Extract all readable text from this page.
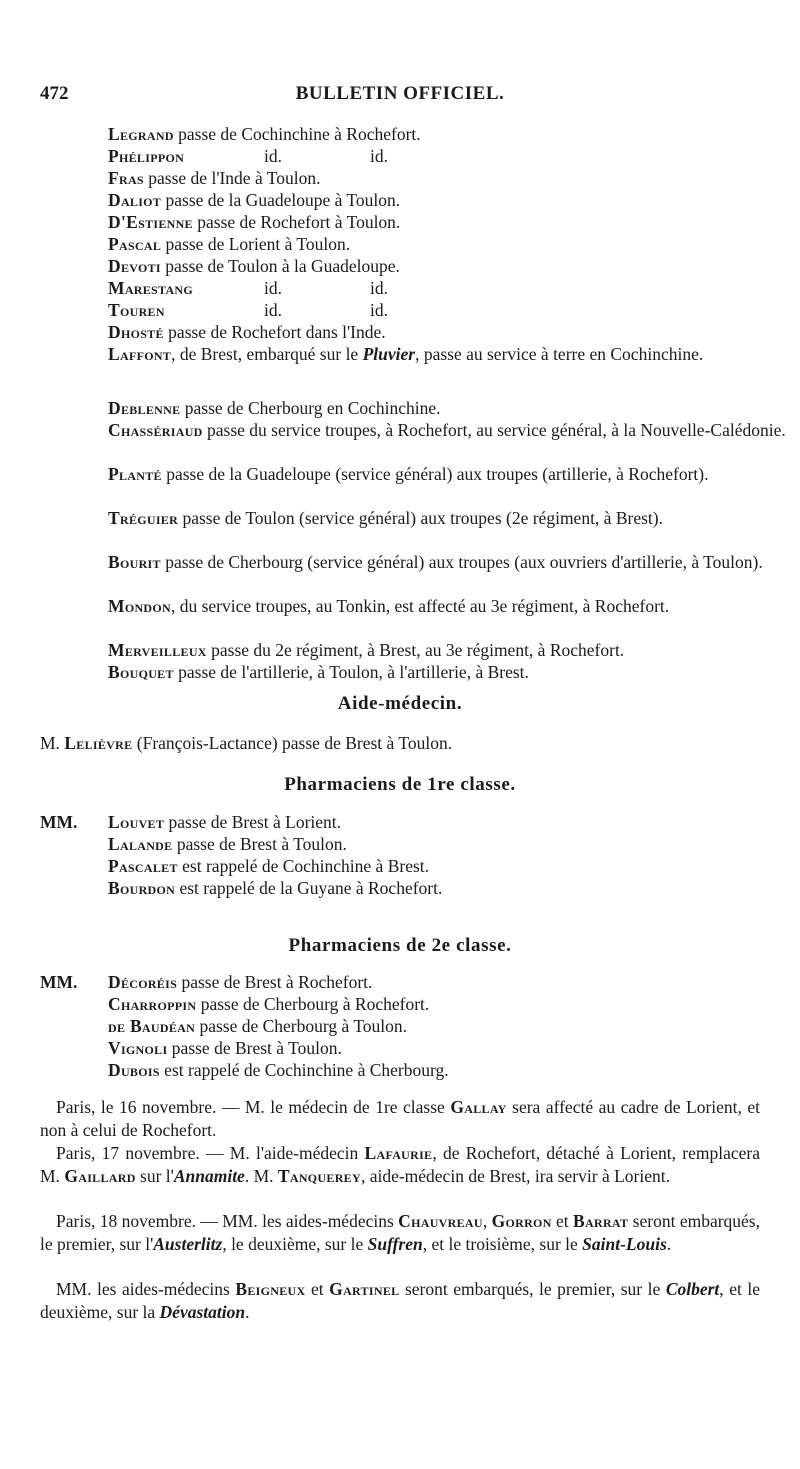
472	BULLETIN OFFICIEL.

Legrand passe de Cochinchine à Rochefort.

Phélippon	id.	id.

Fras passe de l'Inde à Toulon.

Daliot passe de la Guadeloupe à Toulon.

D'Estienne passe de Rochefort à Toulon.

Pascal passe de Lorient à Toulon.

Devoti passe de Toulon à la Guadeloupe.

Marestang	id.	id.

Touren	id.	id.

Dhosté passe de Rochefort dans l'Inde.

Laffont, de Brest, embarqué sur le Pluvier, passe au service à terre en Cochinchine.

Deblenne passe de Cherbourg en Cochinchine.

Chassériaud passe du service troupes, à Rochefort, au service général, à la Nouvelle-Calédonie.

Planté passe de la Guadeloupe (service général) aux troupes (artillerie, à Rochefort).

Tréguier passe de Toulon (service général) aux troupes (2e régiment, à Brest).

Bourit passe de Cherbourg (service général) aux troupes (aux ouvriers d'artillerie, à Toulon).

Mondon, du service troupes, au Tonkin, est affecté au 3e régiment, à Rochefort.

Merveilleux passe du 2e régiment, à Brest, au 3e régiment, à Rochefort.

Bouquet passe de l'artillerie, à Toulon, à l'artillerie, à Brest.

Aide-médecin.

M. Lelièvre (François-Lactance) passe de Brest à Toulon.

Pharmaciens de 1re classe.

MM. Louvet passe de Brest à Lorient.

Lalande passe de Brest à Toulon.

Pascalet est rappelé de Cochinchine à Brest.

Bourdon est rappelé de la Guyane à Rochefort.

Pharmaciens de 2e classe.

MM. Décoréis passe de Brest à Rochefort.

Charroppin passe de Cherbourg à Rochefort.

de Baudéan passe de Cherbourg à Toulon.

Vignoli passe de Brest à Toulon.

Dubois est rappelé de Cochinchine à Cherbourg.

Paris, le 16 novembre. — M. le médecin de 1re classe Gallay sera affecté au cadre de Lorient, et non à celui de Rochefort.

Paris, 17 novembre. — M. l'aide-médecin Lafaurie, de Rochefort, détaché à Lorient, remplacera M. Gaillard sur l'Annamite. M. Tanquerey, aide-médecin de Brest, ira servir à Lorient.

Paris, 18 novembre. — MM. les aides-médecins Chauvreau, Gorron et Barrat seront embarqués, le premier, sur l'Austerlitz, le deuxième, sur le Suffren, et le troisième, sur le Saint-Louis.

MM. les aides-médecins Beigneux et Gartinel seront embarqués, le premier, sur le Colbert, et le deuxième, sur la Dévastation.
